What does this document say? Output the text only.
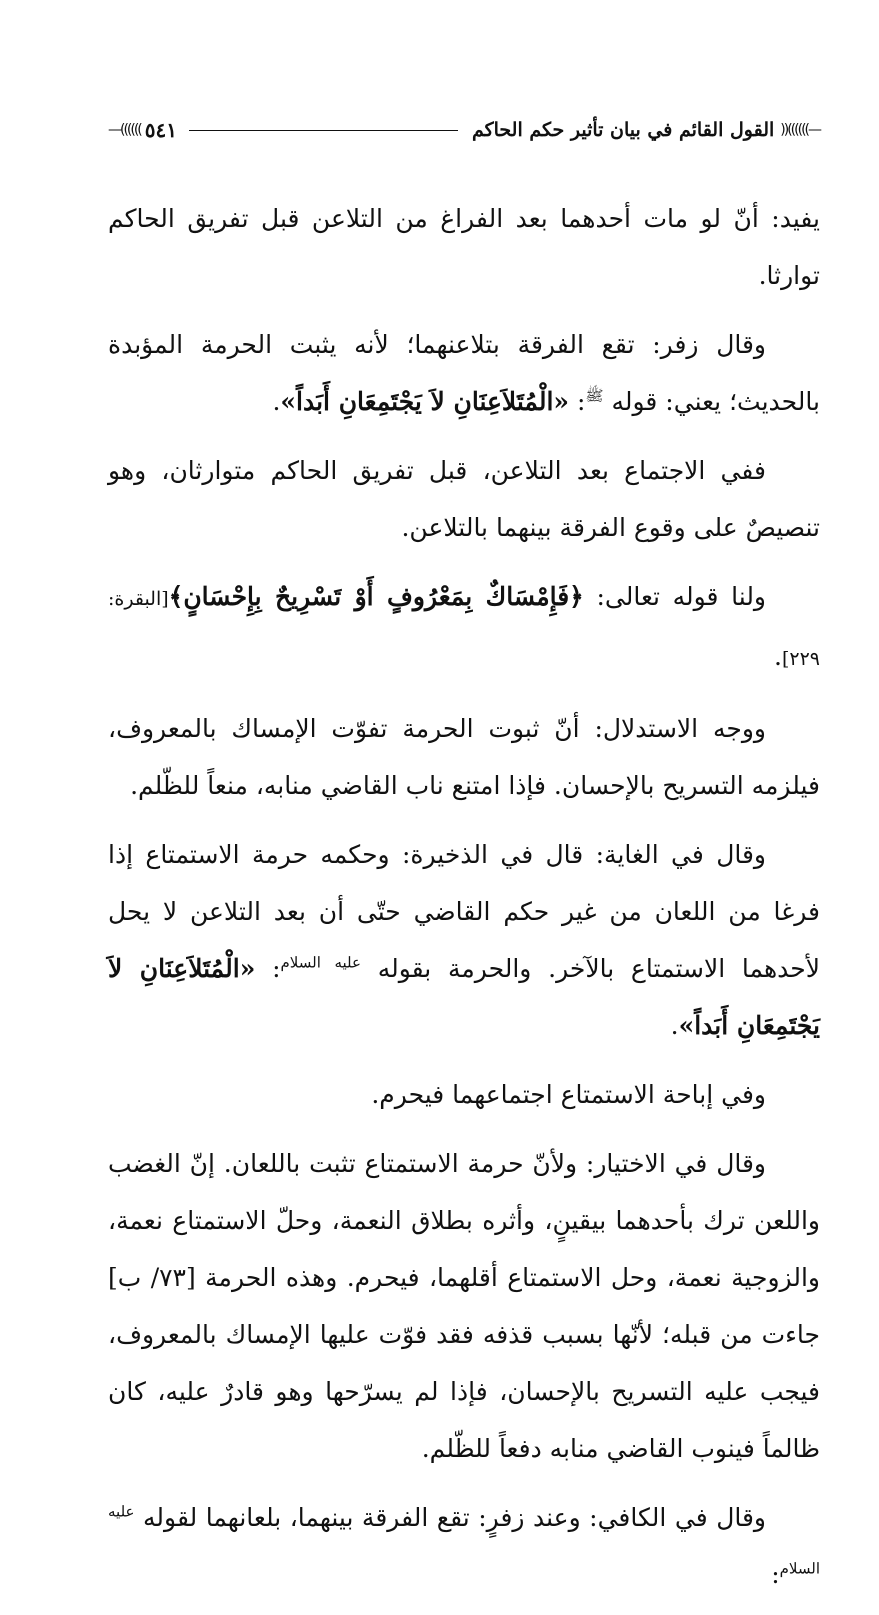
—))))))((
القول القائم في بيان تأثير حكم الحاكم
٥٤١
))))))—

يفيد: أنّ لو مات أحدهما بعد الفراغ من التلاعن قبل تفريق الحاكم توارثا.

وقال زفر: تقع الفرقة بتلاعنهما؛ لأنه يثبت الحرمة المؤبدة بالحديث؛ يعني: قوله $^ﷺ$: «الْمُتَلاَعِنَانِ لاَ يَجْتَمِعَانِ أَبَداً».

ففي الاجتماع بعد التلاعن، قبل تفريق الحاكم متوارثان، وهو تنصيصٌ على وقوع الفرقة بينهما بالتلاعن.

ولنا قوله تعالى: ﴿فَإِمْسَاكٌ بِمَعْرُوفٍ أَوْ تَسْرِيحٌ بِإِحْسَانٍ﴾[البقرة: ٢٢٩].

ووجه الاستدلال: أنّ ثبوت الحرمة تفوّت الإمساك بالمعروف، فيلزمه التسريح بالإحسان. فإذا امتنع ناب القاضي منابه، منعاً للظّلم.

وقال في الغاية: قال في الذخيرة: وحكمه حرمة الاستمتاع إذا فرغا من اللعان من غير حكم القاضي حتّى أن بعد التلاعن لا يحل لأحدهما الاستمتاع بالآخر. والحرمة بقوله $^{عليه السلام}$: «الْمُتَلاَعِنَانِ لاَ يَجْتَمِعَانِ أَبَداً».

وفي إباحة الاستمتاع اجتماعهما فيحرم.

وقال في الاختيار: ولأنّ حرمة الاستمتاع تثبت باللعان. إنّ الغضب واللعن ترك بأحدهما بيقينٍ، وأثره بطلاق النعمة، وحلّ الاستمتاع نعمة، والزوجية نعمة، وحل الاستمتاع أقلهما، فيحرم. وهذه الحرمة [٧٣/ ب] جاءت من قبله؛ لأنّها بسبب قذفه فقد فوّت عليها الإمساك بالمعروف، فيجب عليه التسريح بالإحسان، فإذا لم يسرّحها وهو قادرٌ عليه، كان ظالماً فينوب القاضي منابه دفعاً للظّلم.

وقال في الكافي: وعند زفرٍ: تقع الفرقة بينهما، بلعانهما لقوله $^{عليه السلام}$:
